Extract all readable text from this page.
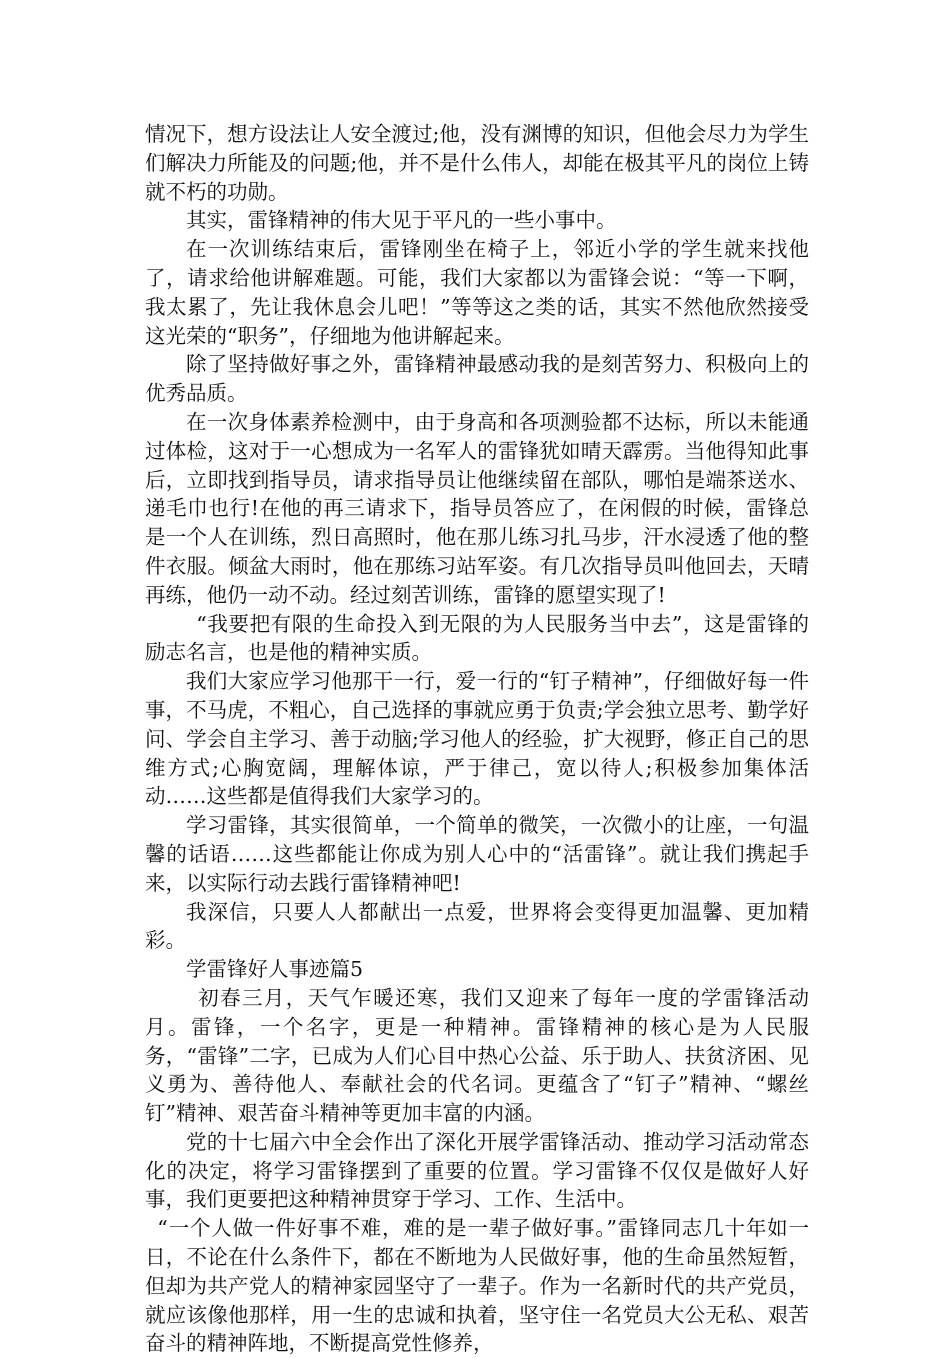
情况下，想方设法让人安全渡过;他，没有渊博的知识，但他会尽力为学生们解决力所能及的问题;他，并不是什么伟人，却能在极其平凡的岗位上铸就不朽的功勋。

其实，雷锋精神的伟大见于平凡的一些小事中。

在一次训练结束后，雷锋刚坐在椅子上，邻近小学的学生就来找他了，请求给他讲解难题。可能，我们大家都以为雷锋会说：“等一下啊，我太累了，先让我休息会儿吧！”等等这之类的话，其实不然他欣然接受这光荣的“职务”，仔细地为他讲解起来。

除了坚持做好事之外，雷锋精神最感动我的是刻苦努力、积极向上的优秀品质。

在一次身体素养检测中，由于身高和各项测验都不达标，所以未能通过体检，这对于一心想成为一名军人的雷锋犹如晴天霹雳。当他得知此事后，立即找到指导员，请求指导员让他继续留在部队，哪怕是端茶送水、递毛巾也行!在他的再三请求下，指导员答应了，在闲假的时候，雷锋总是一个人在训练，烈日高照时，他在那儿练习扎马步，汗水浸透了他的整件衣服。倾盆大雨时，他在那练习站军姿。有几次指导员叫他回去，天晴再练，他仍一动不动。经过刻苦训练，雷锋的愿望实现了!

“我要把有限的生命投入到无限的为人民服务当中去”，这是雷锋的励志名言，也是他的精神实质。

我们大家应学习他那干一行，爱一行的“钉子精神”，仔细做好每一件事，不马虎，不粗心，自己选择的事就应勇于负责;学会独立思考、勤学好问、学会自主学习、善于动脑;学习他人的经验，扩大视野，修正自己的思维方式;心胸宽阔，理解体谅，严于律己，宽以待人;积极参加集体活动……这些都是值得我们大家学习的。

学习雷锋，其实很简单，一个简单的微笑，一次微小的让座，一句温馨的话语……这些都能让你成为别人心中的“活雷锋”。就让我们携起手来，以实际行动去践行雷锋精神吧!

我深信，只要人人都献出一点爱，世界将会变得更加温馨、更加精彩。

学雷锋好人事迹篇5

初春三月，天气乍暖还寒，我们又迎来了每年一度的学雷锋活动月。雷锋，一个名字，更是一种精神。雷锋精神的核心是为人民服务，“雷锋”二字，已成为人们心目中热心公益、乐于助人、扶贫济困、见义勇为、善待他人、奉献社会的代名词。更蕴含了“钉子”精神、“螺丝钉”精神、艰苦奋斗精神等更加丰富的内涵。

党的十七届六中全会作出了深化开展学雷锋活动、推动学习活动常态化的决定，将学习雷锋摆到了重要的位置。学习雷锋不仅仅是做好人好事，我们更要把这种精神贯穿于学习、工作、生活中。

“一个人做一件好事不难，难的是一辈子做好事。”雷锋同志几十年如一日，不论在什么条件下，都在不断地为人民做好事，他的生命虽然短暂，但却为共产党人的精神家园坚守了一辈子。作为一名新时代的共产党员，就应该像他那样，用一生的忠诚和执着，坚守住一名党员大公无私、艰苦奋斗的精神阵地，不断提高党性修养，
